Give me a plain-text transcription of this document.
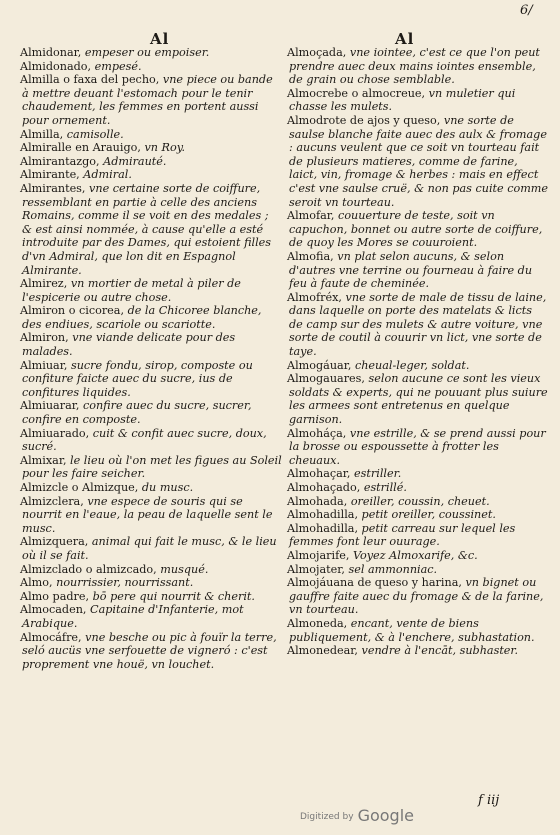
6/
Al	Al

Almidonar, empeser ou empoiser.

Almidonado, empesé.

Almilla o faxa del pecho, vne piece ou bande à mettre deuant l'estomach pour le tenir chaudement, les femmes en portent aussi pour ornement.

Almilla, camisolle.

Almiralle en Arauigo, vn Roy.

Almirantazgo, Admirauté.

Almirante, Admiral.

Almirantes, vne certaine sorte de coiffure, ressemblant en partie à celle des anciens Romains, comme il se voit en des medales ; & est ainsi nommée, à cause qu'elle a esté introduite par des Dames, qui estoient filles d'vn Admiral, que lon dit en Espagnol Almirante.

Almirez, vn mortier de metal à piler de l'espicerie ou autre chose.

Almiron o cicorea, de la Chicoree blanche, des endiues, scariole ou scariotte.

Almiron, vne viande delicate pour des malades.

Almiuar, sucre fondu, sirop, composte ou confiture faicte auec du sucre, ius de confitures liquides.

Almiuarar, confire auec du sucre, sucrer, confire en composte.

Almiuarado, cuit & confit auec sucre, doux, sucré.

Almixar, le lieu où l'on met les figues au Soleil pour les faire seicher.

Almizcle o Almizque, du musc.

Almizclera, vne espece de souris qui se nourrit en l'eaue, la peau de laquelle sent le musc.

Almizquera, animal qui fait le musc, & le lieu où il se fait.

Almizclado o almizcado, musqué.

Almo, nourrissier, nourrissant.

Almo padre, bō pere qui nourrit & cherit.

Almocaden, Capitaine d'Infanterie, mot Arabique.

Almocáfre, vne besche ou pic à fouïr la terre, seló aucüs vne serfouette de vigneró : c'est proprement vne houë, vn louchet.

Almoçada, vne iointee, c'est ce que l'on peut prendre auec deux mains iointes ensemble, de grain ou chose semblable.

Almocrebe o almocreue, vn muletier qui chasse les mulets.

Almodrote de ajos y queso, vne sorte de saulse blanche faite auec des aulx & fromage : aucuns veulent que ce soit vn tourteau fait de plusieurs matieres, comme de farine, laict, vin, fromage & herbes : mais en effect c'est vne saulse cruë, & non pas cuite comme seroit vn tourteau.

Almofar, couuerture de teste, soit vn capuchon, bonnet ou autre sorte de coiffure, de quoy les Mores se couuroient.

Almofia, vn plat selon aucuns, & selon d'autres vne terrine ou fourneau à faire du feu à faute de cheminée.

Almofréx, vne sorte de male de tissu de laine, dans laquelle on porte des matelats & licts de camp sur des mulets & autre voiture, vne sorte de coutil à couurir vn lict, vne sorte de taye.

Almogáuar, cheual-leger, soldat.

Almogauares, selon aucune ce sont les vieux soldats & experts, qui ne pouuant plus suiure les armees sont entretenus en quelque garnison.

Almoháça, vne estrille, & se prend aussi pour la brosse ou espoussette à frotter les cheuaux.

Almohaçar, estriller.

Almohaçado, estrillé.

Almohada, oreiller, coussin, cheuet.

Almohadilla, petit oreiller, coussinet.

Almohadilla, petit carreau sur lequel les femmes font leur ouurage.

Almojarife, Voyez Almoxarife, &c.

Almojater, sel ammonniac.

Almojáuana de queso y harina, vn bignet ou gauffre faite auec du fromage & de la farine, vn tourteau.

Almoneda, encant, vente de biens publiquement, & à l'enchere, subhastation.

Almonedear, vendre à l'encāt, subhaster.

f iij
Digitized by Google
